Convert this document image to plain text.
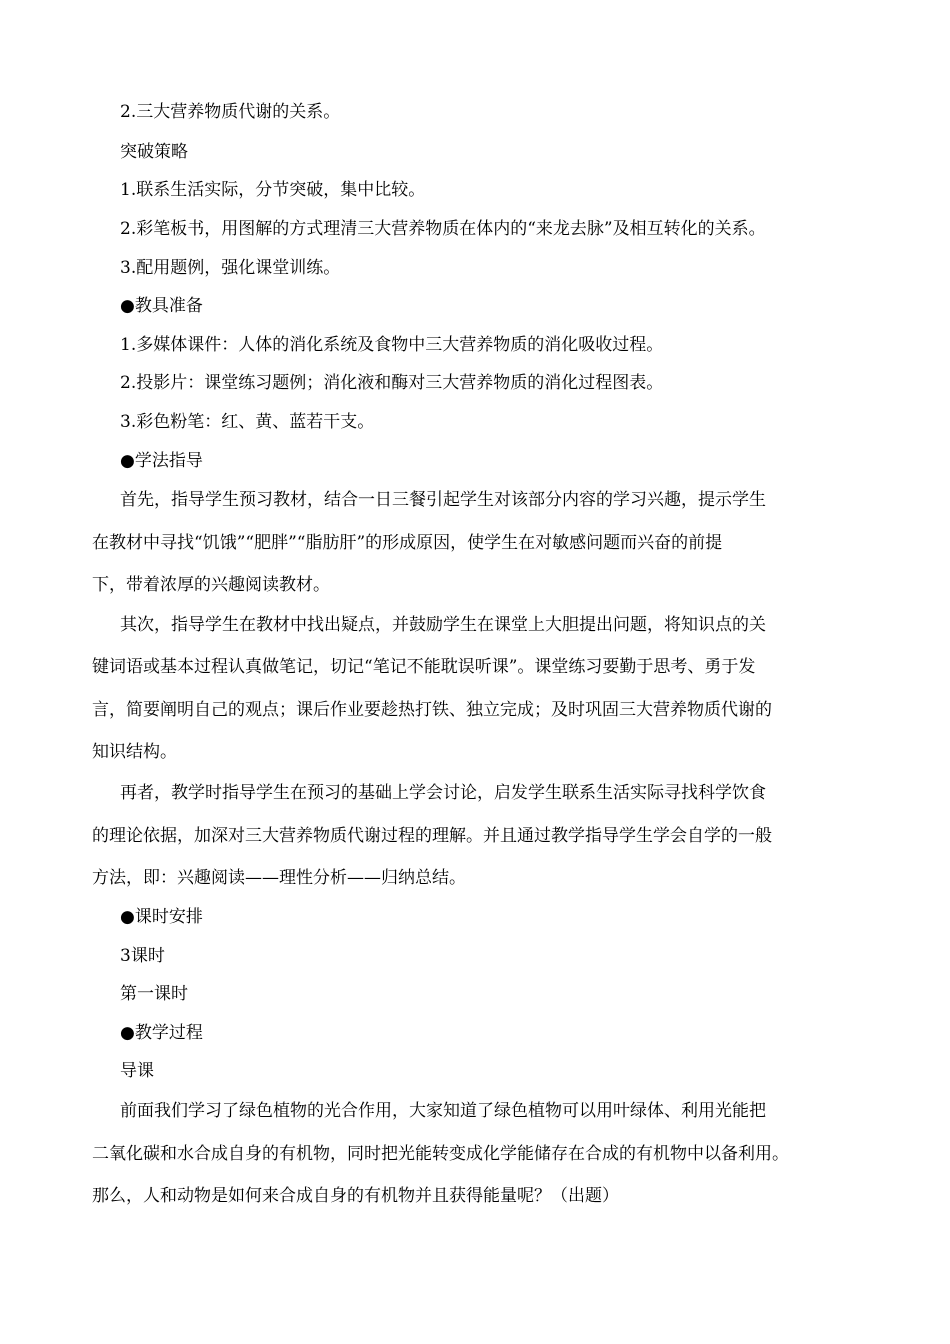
2.三大营养物质代谢的关系。
突破策略
1.联系生活实际，分节突破，集中比较。
2.彩笔板书，用图解的方式理清三大营养物质在体内的“来龙去脉”及相互转化的关系。
3.配用题例，强化课堂训练。
●教具准备
1.多媒体课件：人体的消化系统及食物中三大营养物质的消化吸收过程。
2.投影片：课堂练习题例；消化液和酶对三大营养物质的消化过程图表。
3.彩色粉笔：红、黄、蓝若干支。
●学法指导
首先，指导学生预习教材，结合一日三餐引起学生对该部分内容的学习兴趣，提示学生
在教材中寻找“饥饿”“肥胖”“脂肪肝”的形成原因，使学生在对敏感问题而兴奋的前提
下，带着浓厚的兴趣阅读教材。
其次，指导学生在教材中找出疑点，并鼓励学生在课堂上大胆提出问题，将知识点的关
键词语或基本过程认真做笔记，切记“笔记不能耽误听课”。课堂练习要勤于思考、勇于发
言，简要阐明自己的观点；课后作业要趁热打铁、独立完成；及时巩固三大营养物质代谢的
知识结构。
再者，教学时指导学生在预习的基础上学会讨论，启发学生联系生活实际寻找科学饮食
的理论依据，加深对三大营养物质代谢过程的理解。并且通过教学指导学生学会自学的一般
方法，即：兴趣阅读——理性分析——归纳总结。
●课时安排
3课时
第一课时
●教学过程
导课
前面我们学习了绿色植物的光合作用，大家知道了绿色植物可以用叶绿体、利用光能把
二氧化碳和水合成自身的有机物，同时把光能转变成化学能储存在合成的有机物中以备利用。
那么，人和动物是如何来合成自身的有机物并且获得能量呢？（出题）
